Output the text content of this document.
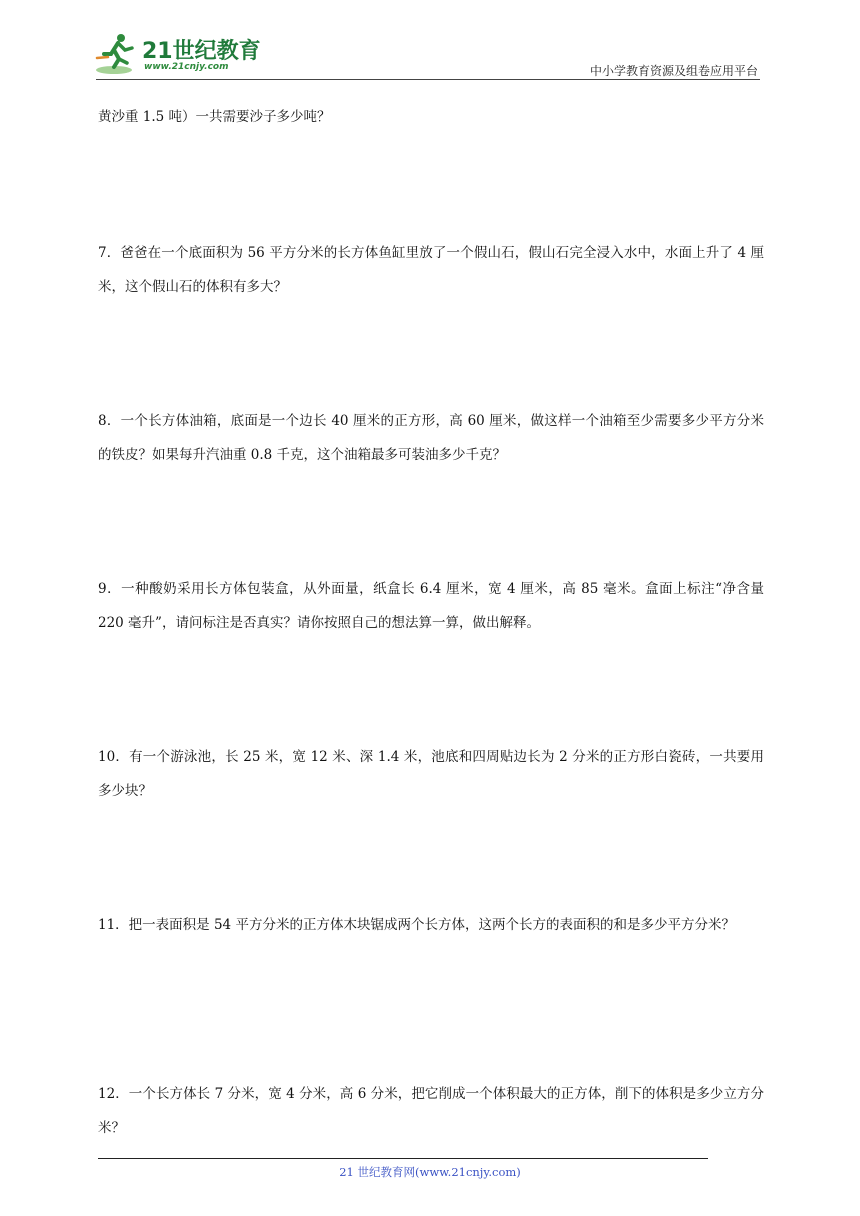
21世纪教育
www.21cnjy.com	中小学教育资源及组卷应用平台

黄沙重 1.5 吨）一共需要沙子多少吨？

7．爸爸在一个底面积为 56 平方分米的长方体鱼缸里放了一个假山石，假山石完全浸入水中，水面上升了 4 厘米，这个假山石的体积有多大？

8．一个长方体油箱，底面是一个边长 40 厘米的正方形，高 60 厘米，做这样一个油箱至少需要多少平方分米的铁皮？如果每升汽油重 0.8 千克，这个油箱最多可装油多少千克？

9．一种酸奶采用长方体包装盒，从外面量，纸盒长 6.4 厘米，宽 4 厘米，高 85 毫米。盒面上标注“净含量 220 毫升”，请问标注是否真实？请你按照自己的想法算一算，做出解释。

10．有一个游泳池，长 25 米，宽 12 米、深 1.4 米，池底和四周贴边长为 2 分米的正方形白瓷砖，一共要用多少块？

11．把一表面积是 54 平方分米的正方体木块锯成两个长方体，这两个长方的表面积的和是多少平方分米？

12．一个长方体长 7 分米，宽 4 分米，高 6 分米，把它削成一个体积最大的正方体，削下的体积是多少立方分米？

21 世纪教育网(www.21cnjy.com)
